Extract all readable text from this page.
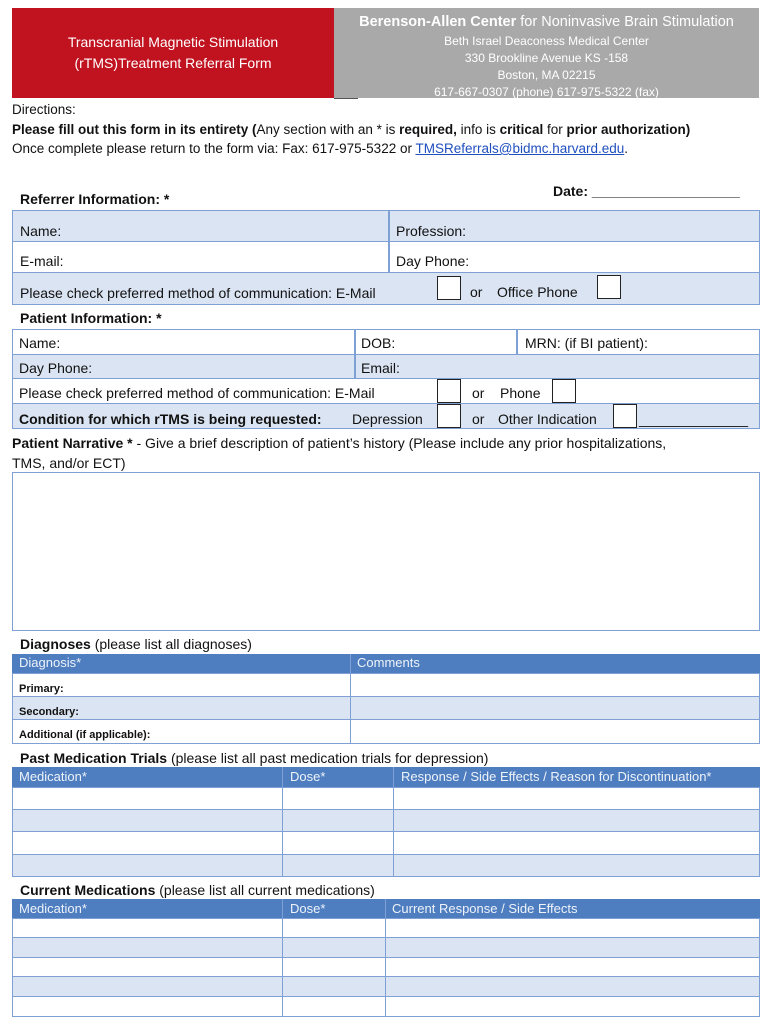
Transcranial Magnetic Stimulation
(rTMS)Treatment Referral Form
Berenson-Allen Center for Noninvasive Brain Stimulation
Beth Israel Deaconess Medical Center
330 Brookline Avenue KS -158
Boston, MA 02215
617-667-0307 (phone) 617-975-5322 (fax)
Directions:
Please fill out this form in its entirety (Any section with an * is required, info is critical for prior authorization)
Once complete please return to the form via: Fax: 617-975-5322 or TMSReferrals@bidmc.harvard.edu.
Referrer Information: *	Date: ___________________
Name:	Profession:
E-mail:	Day Phone:
Please check preferred method of communication: E-Mail	or Office Phone
Patient Information: *
Name:	DOB:	MRN: (if BI patient):
Day Phone:	Email:
Please check preferred method of communication: E-Mail	or Phone
Condition for which rTMS is being requested: Depression	or Other Indication	______________
Patient Narrative * - Give a brief description of patient’s history (Please include any prior hospitalizations,
TMS, and/or ECT)
Diagnoses (please list all diagnoses)
Diagnosis*	Comments
Primary:
Secondary:
Additional (if applicable):
Past Medication Trials (please list all past medication trials for depression)
Medication*	Dose*	Response / Side Effects / Reason for Discontinuation*
Current Medications (please list all current medications)
Medication*	Dose*	Current Response / Side Effects
